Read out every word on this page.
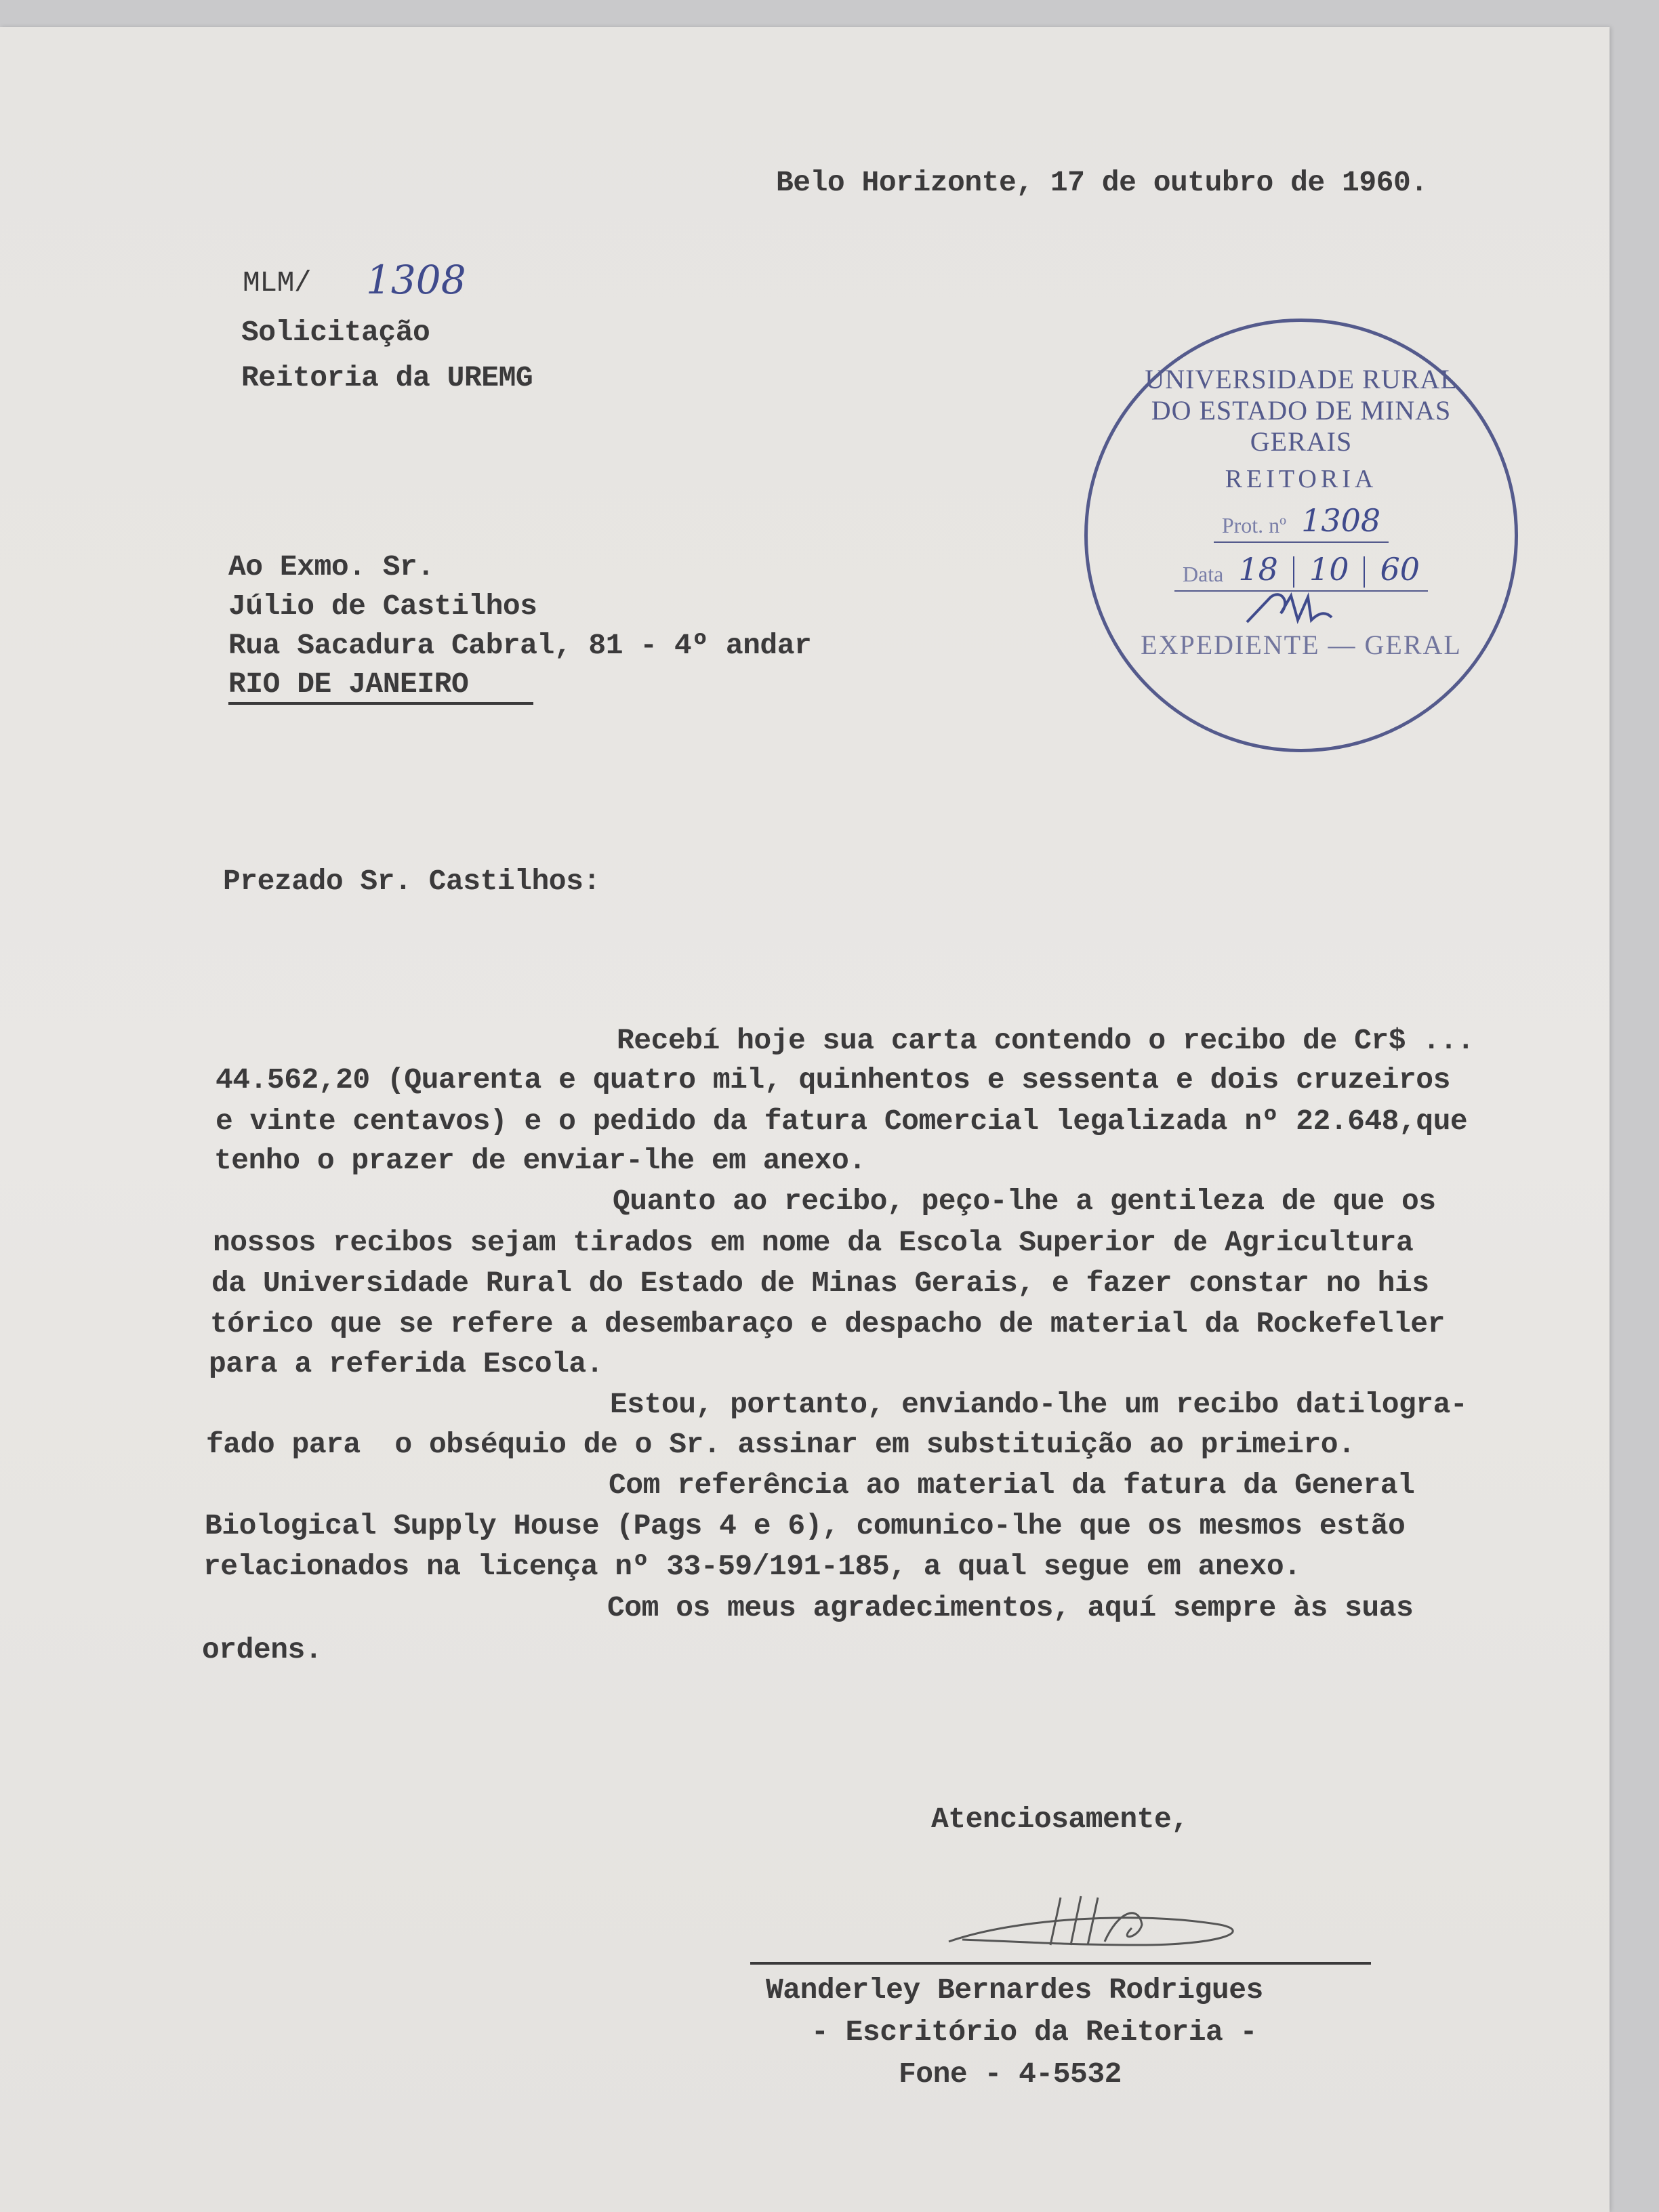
Belo Horizonte, 17 de outubro de 1960.
MLM/ 1308
Solicitação
Reitoria da UREMG
Ao Exmo. Sr.
Júlio de Castilhos
Rua Sacadura Cabral, 81 - 4º andar
RIO DE JANEIRO
Prezado Sr. Castilhos:
Recebí hoje sua carta contendo o recibo de Cr$ ...
44.562,20 (Quarenta e quatro mil, quinhentos e sessenta e dois cruzeiros
e vinte centavos) e o pedido da fatura Comercial legalizada nº 22.648,que
tenho o prazer de enviar-lhe em anexo.
Quanto ao recibo, peço-lhe a gentileza de que os
nossos recibos sejam tirados em nome da Escola Superior de Agricultura
da Universidade Rural do Estado de Minas Gerais, e fazer constar no his
tórico que se refere a desembaraço e despacho de material da Rockefeller
para a referida Escola.
Estou, portanto, enviando-lhe um recibo datilogra-
fado para  o obséquio de o Sr. assinar em substituição ao primeiro.
Com referência ao material da fatura da General
Biological Supply House (Pags 4 e 6), comunico-lhe que os mesmos estão
relacionados na licença nº 33-59/191-185, a qual segue em anexo.
Com os meus agradecimentos, aquí sempre às suas
ordens.
Atenciosamente,
Wanderley Bernardes Rodrigues
- Escritório da Reitoria -
Fone - 4-5532
UNIVERSIDADE RURAL DO ESTADO DE MINAS GERAIS
REITORIA
Prot. nº 1308
Data 18 10 60
EXPEDIENTE — GERAL
